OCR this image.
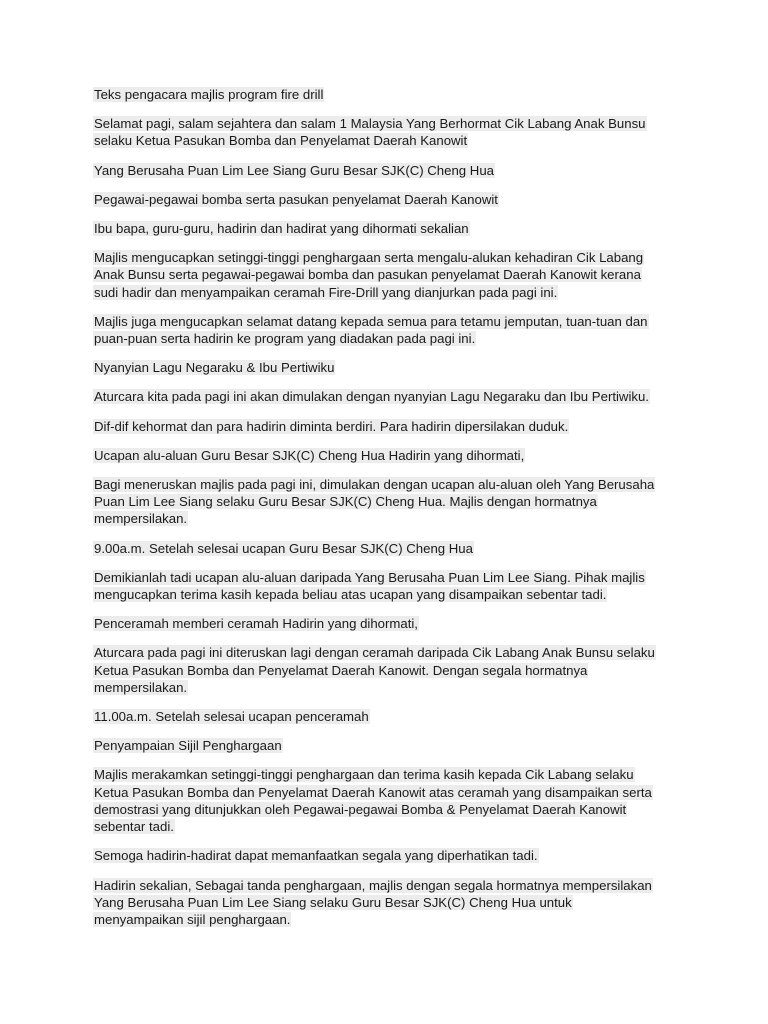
Teks pengacara majlis program fire drill
Selamat pagi, salam sejahtera dan salam 1 Malaysia Yang Berhormat Cik Labang Anak Bunsu
selaku Ketua Pasukan Bomba dan Penyelamat Daerah Kanowit
Yang Berusaha Puan Lim Lee Siang Guru Besar SJK(C) Cheng Hua
Pegawai-pegawai bomba serta pasukan penyelamat Daerah Kanowit
Ibu bapa, guru-guru, hadirin dan hadirat yang dihormati sekalian
Majlis mengucapkan setinggi-tinggi penghargaan serta mengalu-alukan kehadiran Cik Labang
Anak Bunsu serta pegawai-pegawai bomba dan pasukan penyelamat Daerah Kanowit kerana
sudi hadir dan menyampaikan ceramah Fire-Drill yang dianjurkan pada pagi ini.
Majlis juga mengucapkan selamat datang kepada semua para tetamu jemputan, tuan-tuan dan
puan-puan serta hadirin ke program yang diadakan pada pagi ini.
Nyanyian Lagu Negaraku & Ibu Pertiwiku
Aturcara kita pada pagi ini akan dimulakan dengan nyanyian Lagu Negaraku dan Ibu Pertiwiku.
Dif-dif kehormat dan para hadirin diminta berdiri. Para hadirin dipersilakan duduk.
Ucapan alu-aluan Guru Besar SJK(C) Cheng Hua Hadirin yang dihormati,
Bagi meneruskan majlis pada pagi ini, dimulakan dengan ucapan alu-aluan oleh Yang Berusaha
Puan Lim Lee Siang selaku Guru Besar SJK(C) Cheng Hua. Majlis dengan hormatnya
mempersilakan.
9.00a.m. Setelah selesai ucapan Guru Besar SJK(C) Cheng Hua
Demikianlah tadi ucapan alu-aluan daripada Yang Berusaha Puan Lim Lee Siang. Pihak majlis
mengucapkan terima kasih kepada beliau atas ucapan yang disampaikan sebentar tadi.
Penceramah memberi ceramah Hadirin yang dihormati,
Aturcara pada pagi ini diteruskan lagi dengan ceramah daripada Cik Labang Anak Bunsu selaku
Ketua Pasukan Bomba dan Penyelamat Daerah Kanowit. Dengan segala hormatnya
mempersilakan.
11.00a.m. Setelah selesai ucapan penceramah
Penyampaian Sijil Penghargaan
Majlis merakamkan setinggi-tinggi penghargaan dan terima kasih kepada Cik Labang selaku
Ketua Pasukan Bomba dan Penyelamat Daerah Kanowit atas ceramah yang disampaikan serta
demostrasi yang ditunjukkan oleh Pegawai-pegawai Bomba & Penyelamat Daerah Kanowit
sebentar tadi.
Semoga hadirin-hadirat dapat memanfaatkan segala yang diperhatikan tadi.
Hadirin sekalian, Sebagai tanda penghargaan, majlis dengan segala hormatnya mempersilakan
Yang Berusaha Puan Lim Lee Siang selaku Guru Besar SJK(C) Cheng Hua untuk
menyampaikan sijil penghargaan.
